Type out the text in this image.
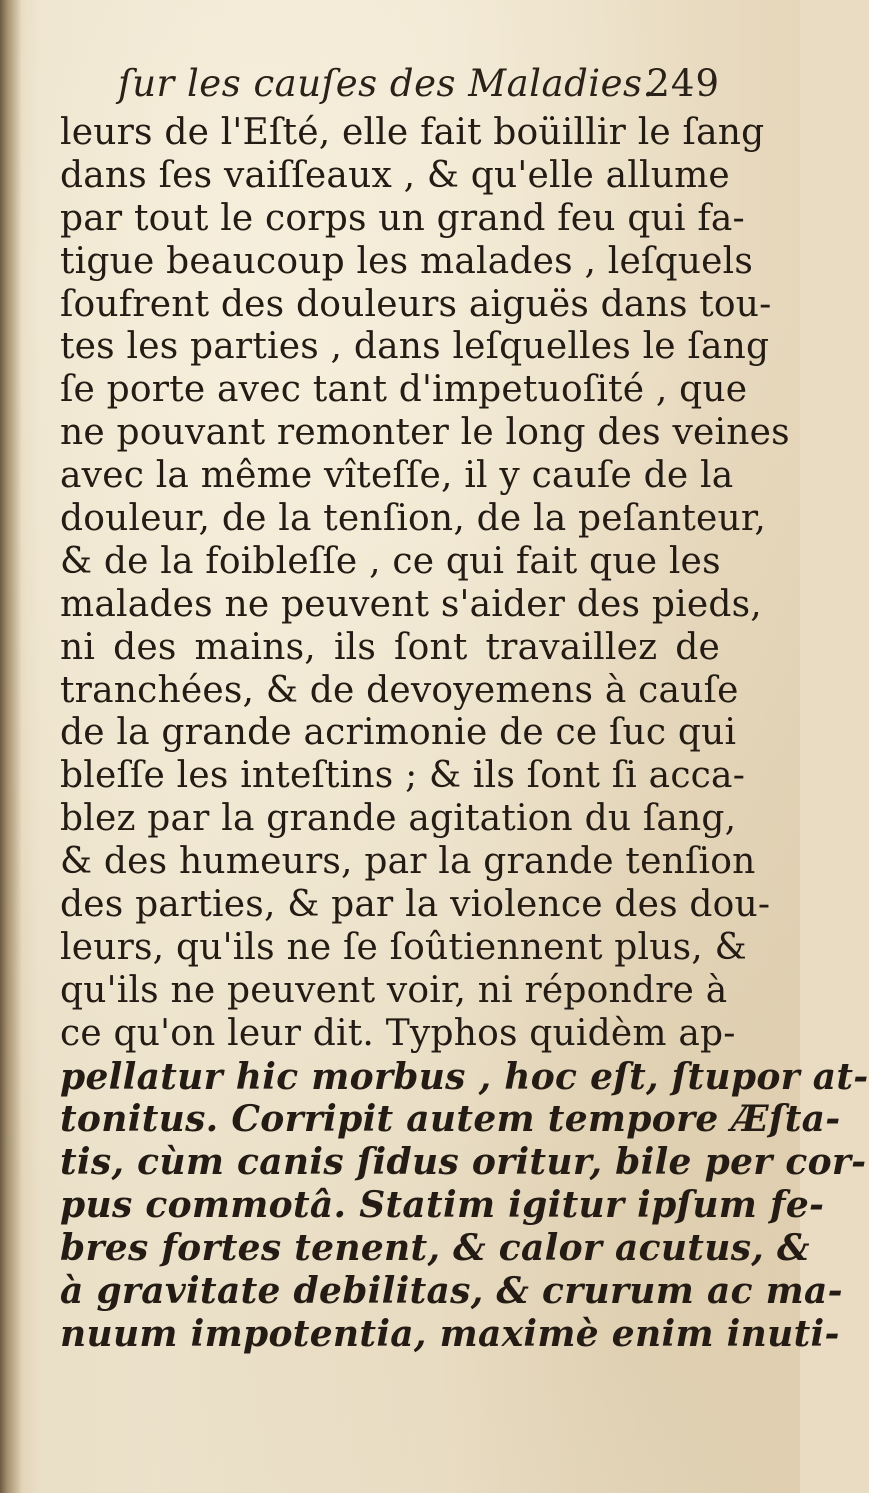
ſur les cauſes des Maladies.
249
leurs de l'Eſté, elle fait boüillir le ſang
dans ſes vaiſſeaux , & qu'elle allume
par tout le corps un grand feu qui fa-
tigue beaucoup les malades , leſquels
ſoufrent des douleurs aiguës dans tou-
tes les parties , dans leſquelles le ſang
ſe porte avec tant d'impetuoſité , que
ne pouvant remonter le long des veines
avec la même vîteſſe, il y cauſe de la
douleur, de la tenſion, de la peſanteur,
& de la foibleſſe , ce qui fait que les
malades ne peuvent s'aider des pieds,
ni des mains, ils ſont travaillez de
tranchées, & de devoyemens à cauſe
de la grande acrimonie de ce ſuc qui
bleſſe les inteſtins ; & ils ſont ſi acca-
blez par la grande agitation du ſang,
& des humeurs, par la grande tenſion
des parties, & par la violence des dou-
leurs, qu'ils ne ſe ſoûtiennent plus, &
qu'ils ne peuvent voir, ni répondre à
ce qu'on leur dit. Typhos quidèm ap-
pellatur hic morbus , hoc eſt, ſtupor at-
tonitus. Corripit autem tempore Æſta-
tis, cùm canis ſidus oritur, bile per cor-
pus commotâ. Statim igitur ipſum fe-
bres fortes tenent, & calor acutus, &
à gravitate debilitas, & crurum ac ma-
nuum impotentia, maximè enim inuti-
